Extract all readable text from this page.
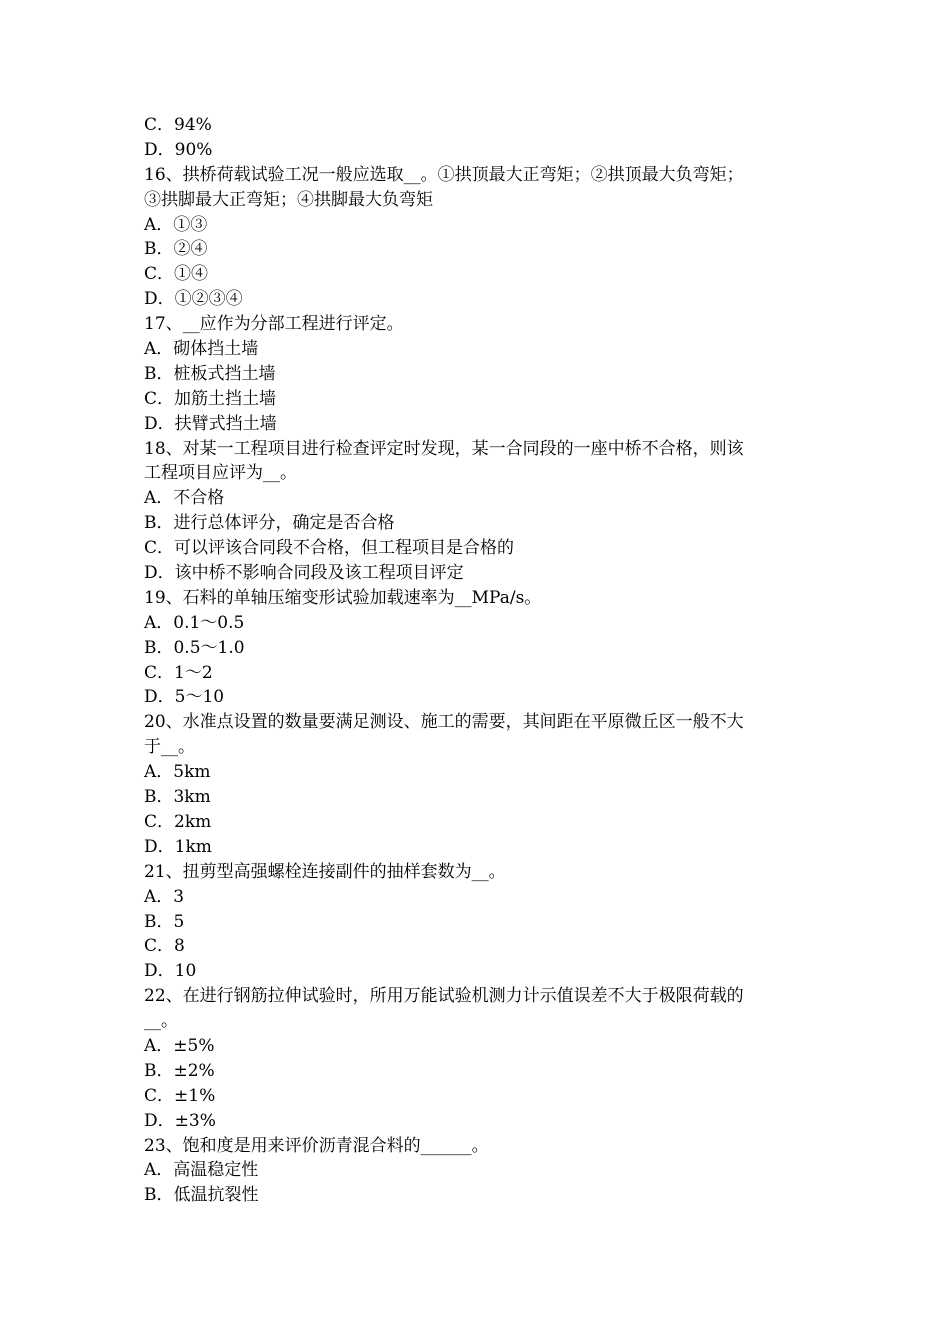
C．94%
D．90%
16、拱桥荷载试验工况一般应选取__。①拱顶最大正弯矩；②拱顶最大负弯矩；
③拱脚最大正弯矩；④拱脚最大负弯矩
A．①③
B．②④
C．①④
D．①②③④
17、__应作为分部工程进行评定。
A．砌体挡土墙
B．桩板式挡土墙
C．加筋土挡土墙
D．扶臂式挡土墙
18、对某一工程项目进行检查评定时发现，某一合同段的一座中桥不合格，则该
工程项目应评为__。
A．不合格
B．进行总体评分，确定是否合格
C．可以评该合同段不合格，但工程项目是合格的
D．该中桥不影响合同段及该工程项目评定
19、石料的单轴压缩变形试验加载速率为__MPa/s。
A．0.1～0.5
B．0.5～1.0
C．1～2
D．5～10
20、水准点设置的数量要满足测设、施工的需要，其间距在平原微丘区一般不大
于__。
A．5km
B．3km
C．2km
D．1km
21、扭剪型高强螺栓连接副件的抽样套数为__。
A．3
B．5
C．8
D．10
22、在进行钢筋拉伸试验时，所用万能试验机测力计示值误差不大于极限荷载的
__。
A．±5%
B．±2%
C．±1%
D．±3%
23、饱和度是用来评价沥青混合料的______。
A．高温稳定性
B．低温抗裂性
